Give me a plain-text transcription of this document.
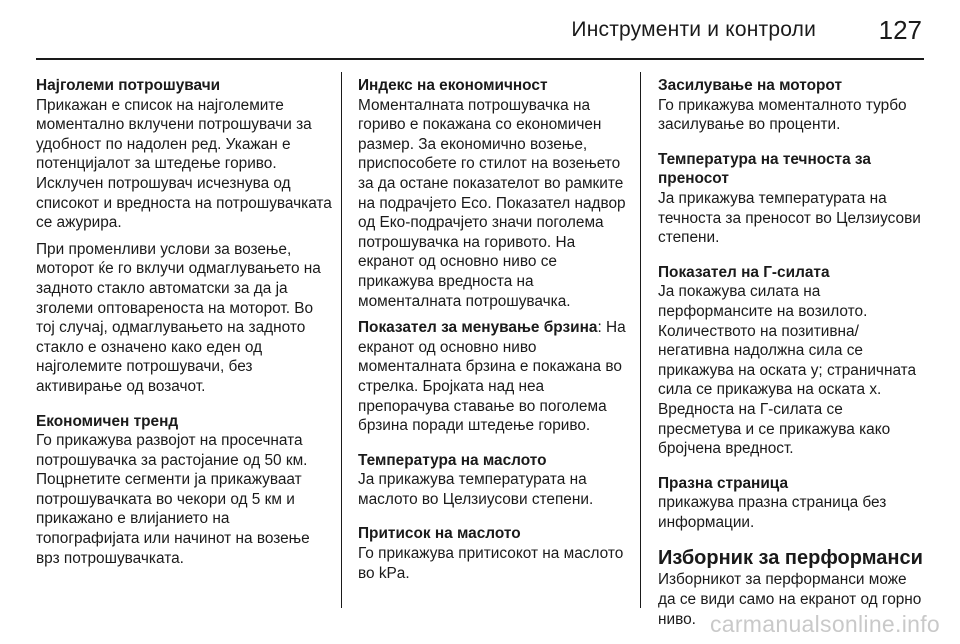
Инструменти и контроли 127
Најголеми потрошувачи

Прикажан е список на најголемите моментално вклучени потрошувачи за удобност по надолен ред. Укажан е потенцијалот за штедење гориво. Исклучен потрошувач исчезнува од списокот и вредноста на потрошувачката се ажурира.

При променливи услови за возење, моторот ќе го вклучи одмаглувањето на задното стакло автоматски за да ја зголеми оптовареноста на моторот. Во тој случај, одмаглувањето на задното стакло е означено како еден од најголемите потрошувачи, без активирање од возачот.

Економичен тренд

Го прикажува развојот на просечната потрошувачка за растојание од 50 км. Поцрнетите сегменти ја прикажуваат потрошувачката во чекори од 5 км и прикажано е влијанието на топографијата или начинот на возење врз потрошувачката.

Индекс на економичност

Моменталната потрошувачка на гориво е покажана со економичен размер. За економично возење, приспособете го стилот на возењето за да остане показателот во рамките на подрачјето Eco. Показател надвор од Еко-подрачјето значи поголема потрошувачка на горивото. На екранот од основно ниво се прикажува вредноста на моменталната потрошувачка.

Показател за менување брзина: На екранот од основно ниво моменталната брзина е покажана во стрелка. Бројката над неа препорачува ставање во поголема брзина поради штедење гориво.

Температура на маслото

Ја прикажува температурата на маслото во Целзиусови степени.

Притисок на маслото

Го прикажува притисокот на маслото во kPa.

Засилување на моторот

Го прикажува моменталното турбо засилување во проценти.

Температура на течноста за преносот

Ја прикажува температурата на течноста за преносот во Целзиусови степени.

Показател на Г-силата

Ја покажува силата на перформансите на возилото. Количеството на позитивна/ негативна надолжна сила се прикажува на оската y; страничната сила се прикажува на оската x. Вредноста на Г-силата се пресметува и се прикажува како бројчена вредност.

Празна страница

прикажува празна страница без информации.

Изборник за перформанси

Изборникот за перформанси може да се види само на екранот од горно ниво. carmanualsonline.info
